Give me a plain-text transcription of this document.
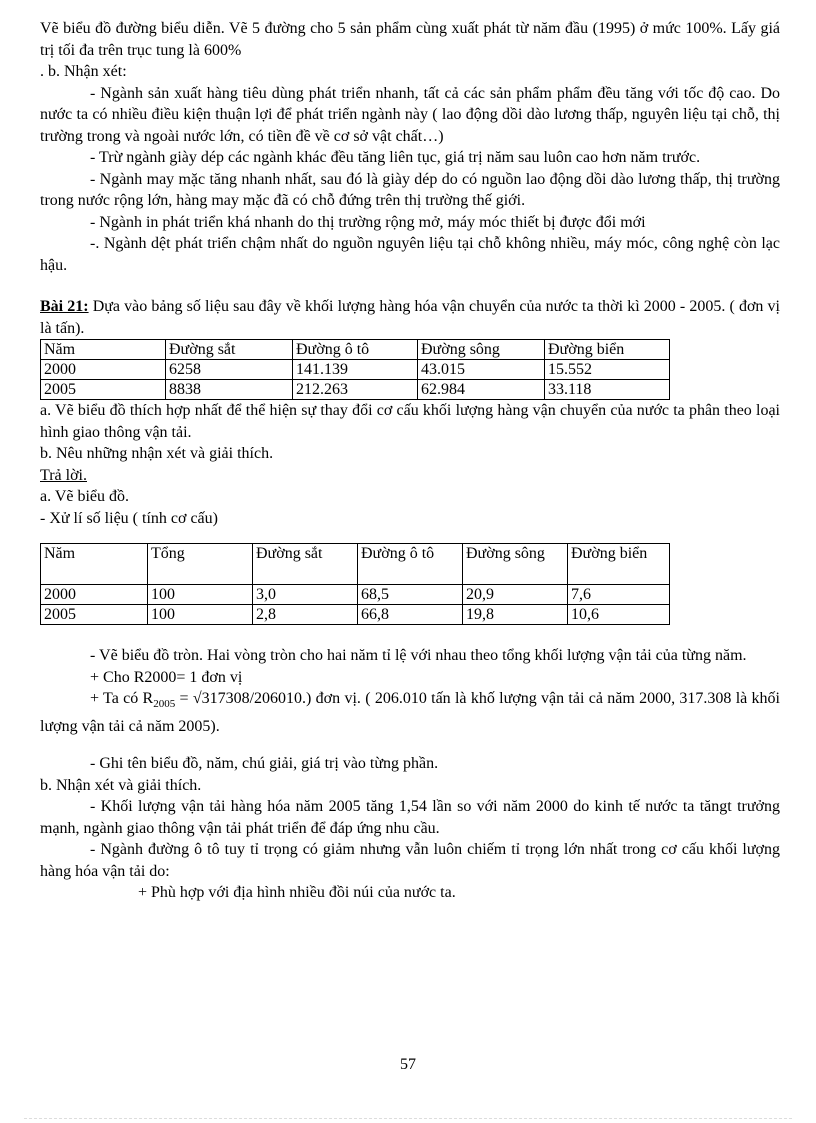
Vẽ biểu đồ đường biểu diễn. Vẽ 5 đường cho 5 sản phẩm cùng xuất phát từ năm đầu (1995) ở mức 100%. Lấy giá trị tối đa trên trục tung là 600%

. b. Nhận xét:

- Ngành sản xuất hàng tiêu dùng phát triển nhanh, tất cả các sản phẩm phẩm đều tăng với tốc độ cao. Do nước ta có nhiều điều kiện thuận lợi để phát triển ngành này ( lao động dồi dào lương thấp, nguyên liệu tại chỗ, thị trường trong và ngoài nước lớn, có tiền đề về cơ sở vật chất…)

- Trừ ngành giày dép các ngành khác đều tăng liên tục, giá trị năm sau luôn cao hơn năm trước.

- Ngành may mặc tăng nhanh nhất, sau đó là giày dép do có nguồn lao động dồi dào lương thấp, thị trường trong nước rộng lớn, hàng may mặc đã có chỗ đứng trên thị trường thế giới.

- Ngành in phát triển khá nhanh do thị trường rộng mở, máy móc thiết bị được đổi mới

-. Ngành dệt phát triển chậm nhất do nguồn nguyên liệu tại chỗ không nhiều, máy móc, công nghệ còn lạc hậu.

Bài 21: Dựa vào bảng số liệu sau đây về khối lượng hàng hóa vận chuyển của nước ta thời kì 2000 - 2005. ( đơn vị là tấn).

Năm	Đường sắt	Đường ô tô	Đường sông	Đường biển
2000	6258	141.139	43.015	15.552
2005	8838	212.263	62.984	33.118

a. Vẽ biểu đồ thích hợp nhất để thể hiện sự thay đổi cơ cấu khối lượng hàng vận chuyển của nước ta phân theo loại hình giao thông vận tải.

b. Nêu những nhận xét và giải thích.

Trả lời.

a. Vẽ biểu đồ.

- Xử lí số liệu ( tính cơ cấu)

Năm	Tổng	Đường sắt	Đường ô tô	Đường sông	Đường biển
2000	100	3,0	68,5	20,9	7,6
2005	100	2,8	66,8	19,8	10,6

- Vẽ biểu đồ tròn. Hai vòng tròn cho hai năm tỉ lệ với nhau theo tổng khối lượng vận tải của từng năm.

+ Cho R2000= 1 đơn vị

+ Ta có $R_{2005} = √317308/206010$.) đơn vị. ( 206.010 tấn là khố lượng vận tải cả năm 2000, 317.308 là khối lượng vận tải cả năm 2005).

- Ghi tên biểu đồ, năm, chú giải, giá trị vào từng phần.

b. Nhận xét và giải thích.

- Khối lượng vận tải hàng hóa năm 2005 tăng 1,54 lần so với năm 2000 do kinh tế nước ta tăngt trưởng mạnh, ngành giao thông vận tải phát triển để đáp ứng nhu cầu.

- Ngành đường ô tô tuy tỉ trọng có giảm nhưng vẫn luôn chiếm tỉ trọng lớn nhất trong cơ cấu khối lượng hàng hóa vận tải do:

+ Phù hợp với địa hình nhiều đồi núi của nước ta.

57
